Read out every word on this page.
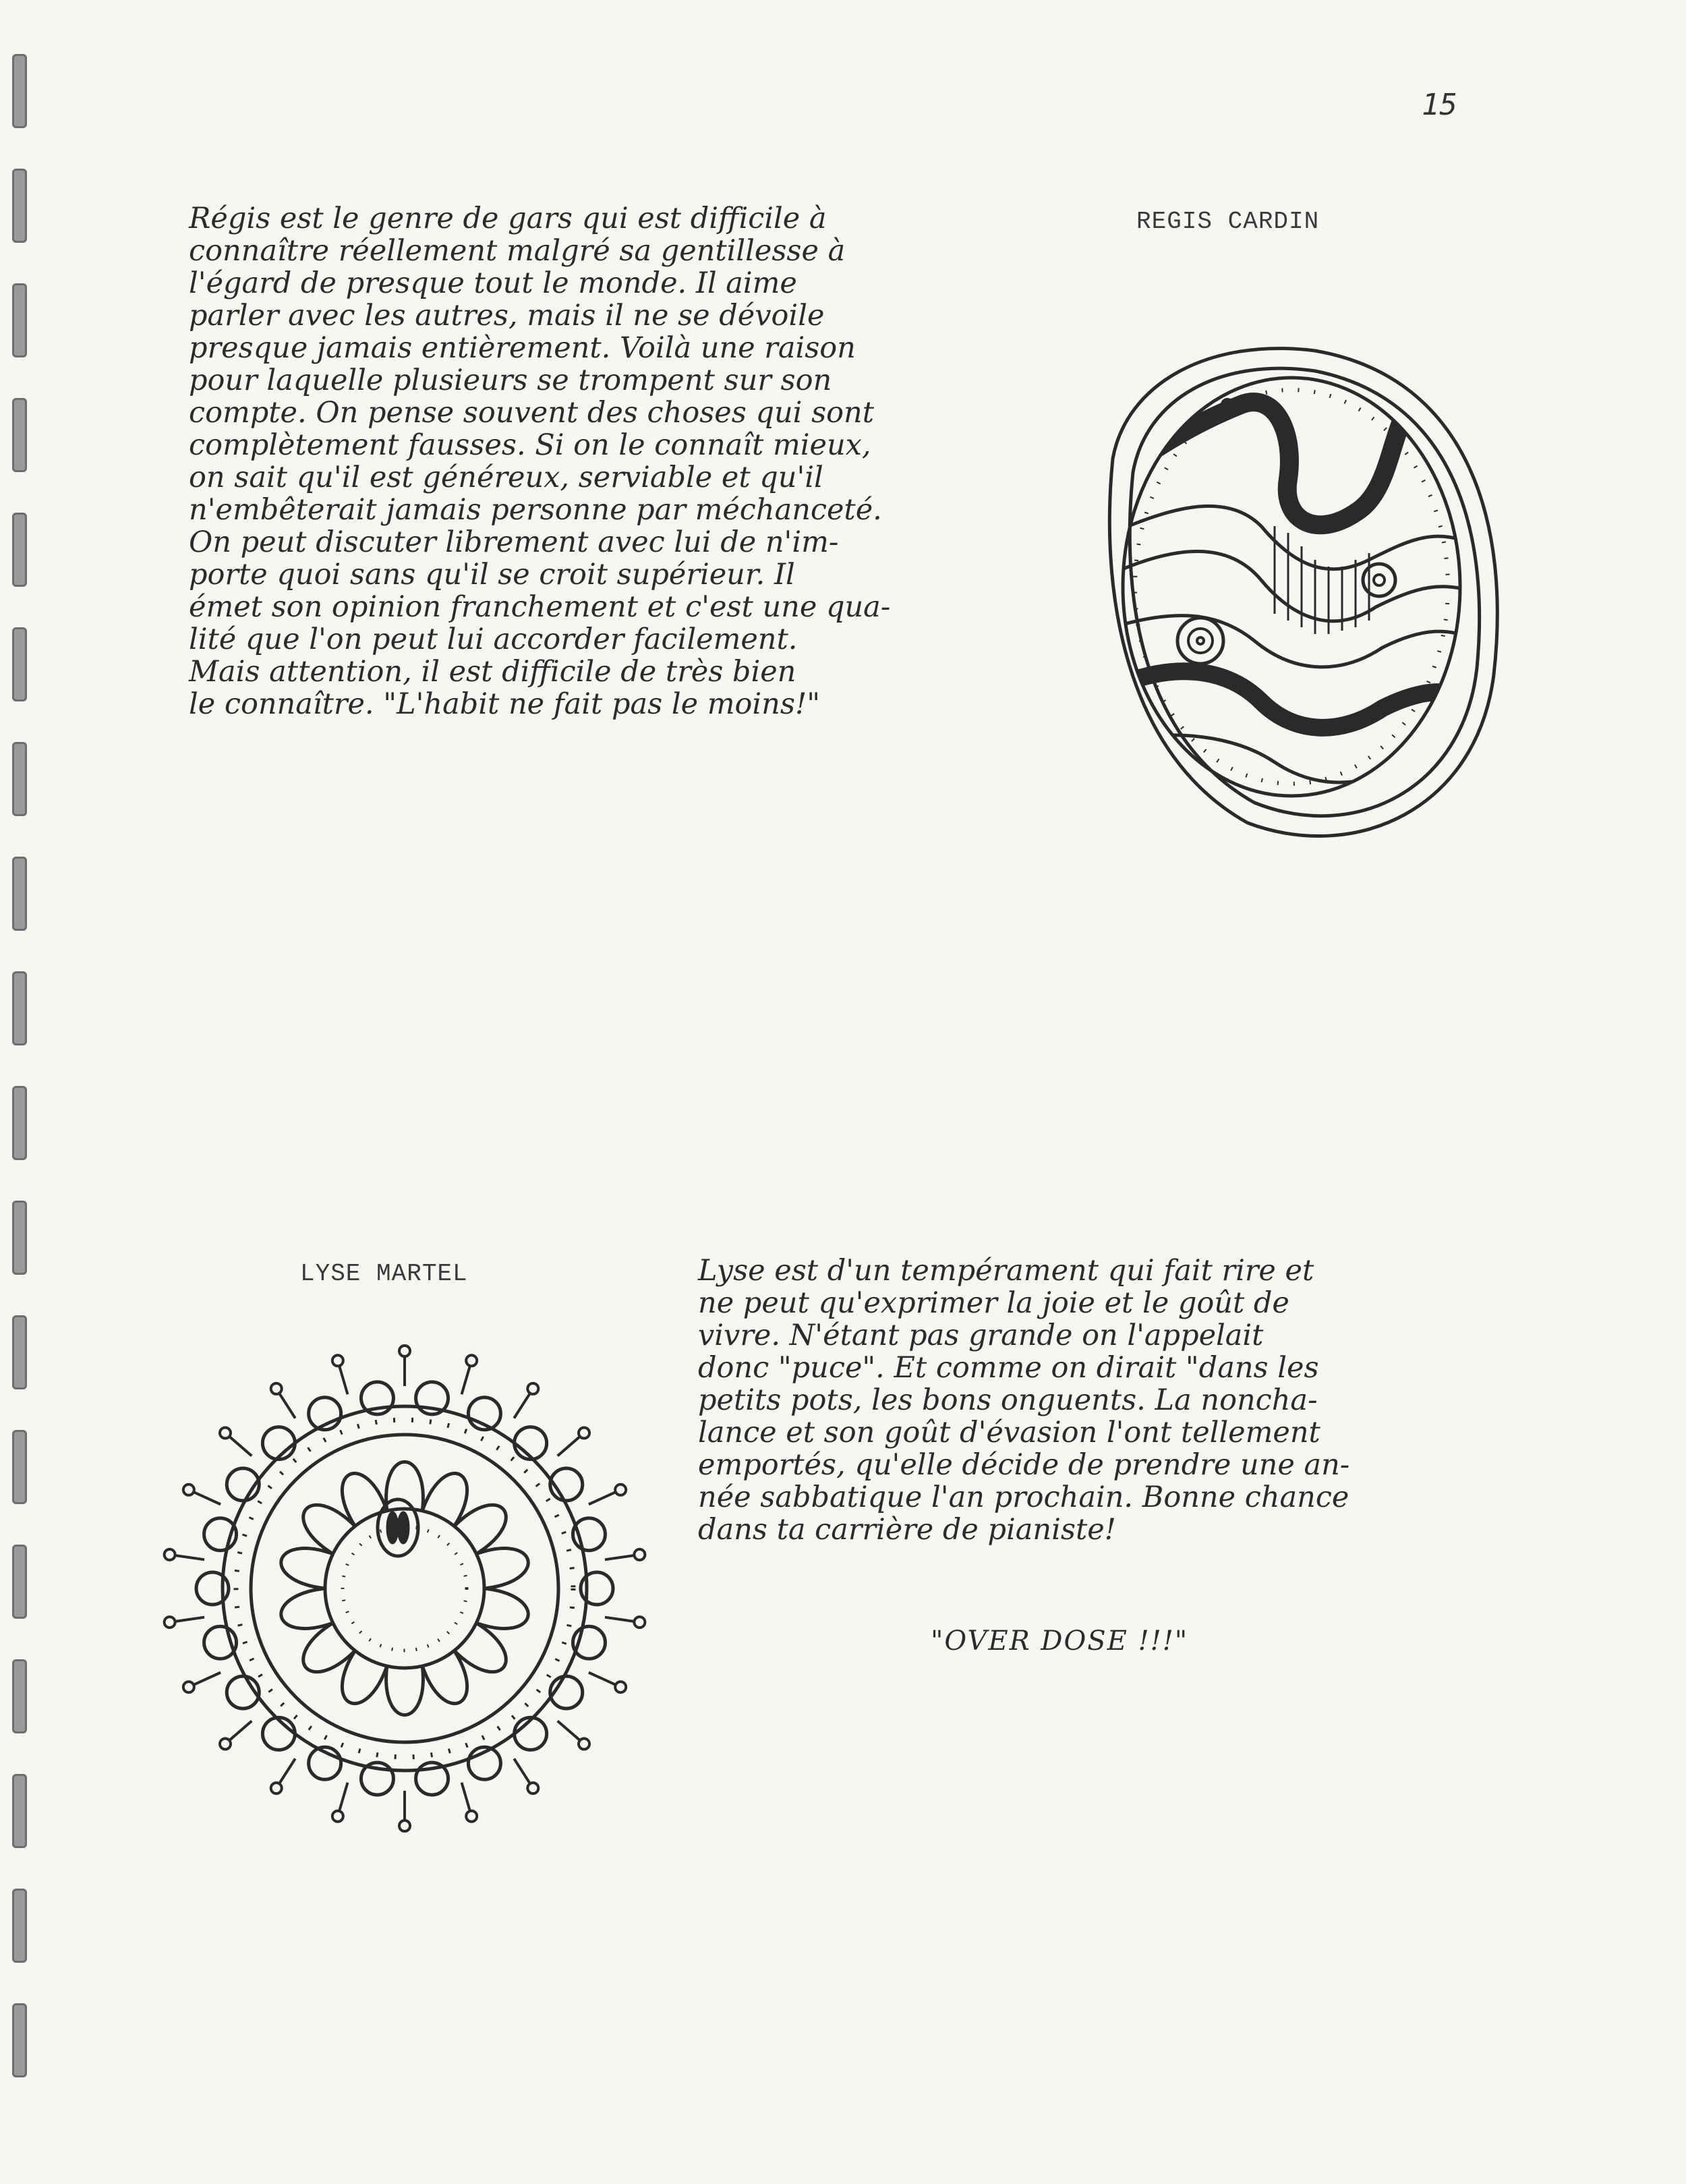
15
REGIS CARDIN
Régis est le genre de gars qui est difficile à
connaître réellement malgré sa gentillesse à
l'égard de presque tout le monde. Il aime
parler avec les autres, mais il ne se dévoile
presque jamais entièrement. Voilà une raison
pour laquelle plusieurs se trompent sur son
compte. On pense souvent des choses qui sont
complètement fausses. Si on le connaît mieux,
on sait qu'il est généreux, serviable et qu'il
n'embêterait jamais personne par méchanceté.
On peut discuter librement avec lui de n'im-
porte quoi sans qu'il se croit supérieur. Il
émet son opinion franchement et c'est une qua-
lité que l'on peut lui accorder facilement.
Mais attention, il est difficile de très bien
le connaître. "L'habit ne fait pas le moins!"
LYSE MARTEL	Lyse est d'un tempérament qui fait rire et
ne peut qu'exprimer la joie et le goût de
vivre. N'étant pas grande on l'appelait
donc "puce". Et comme on dirait "dans les
petits pots, les bons onguents. La noncha-
lance et son goût d'évasion l'ont tellement
emportés, qu'elle décide de prendre une an-
née sabbatique l'an prochain. Bonne chance
dans ta carrière de pianiste!
"OVER DOSE !!!"
